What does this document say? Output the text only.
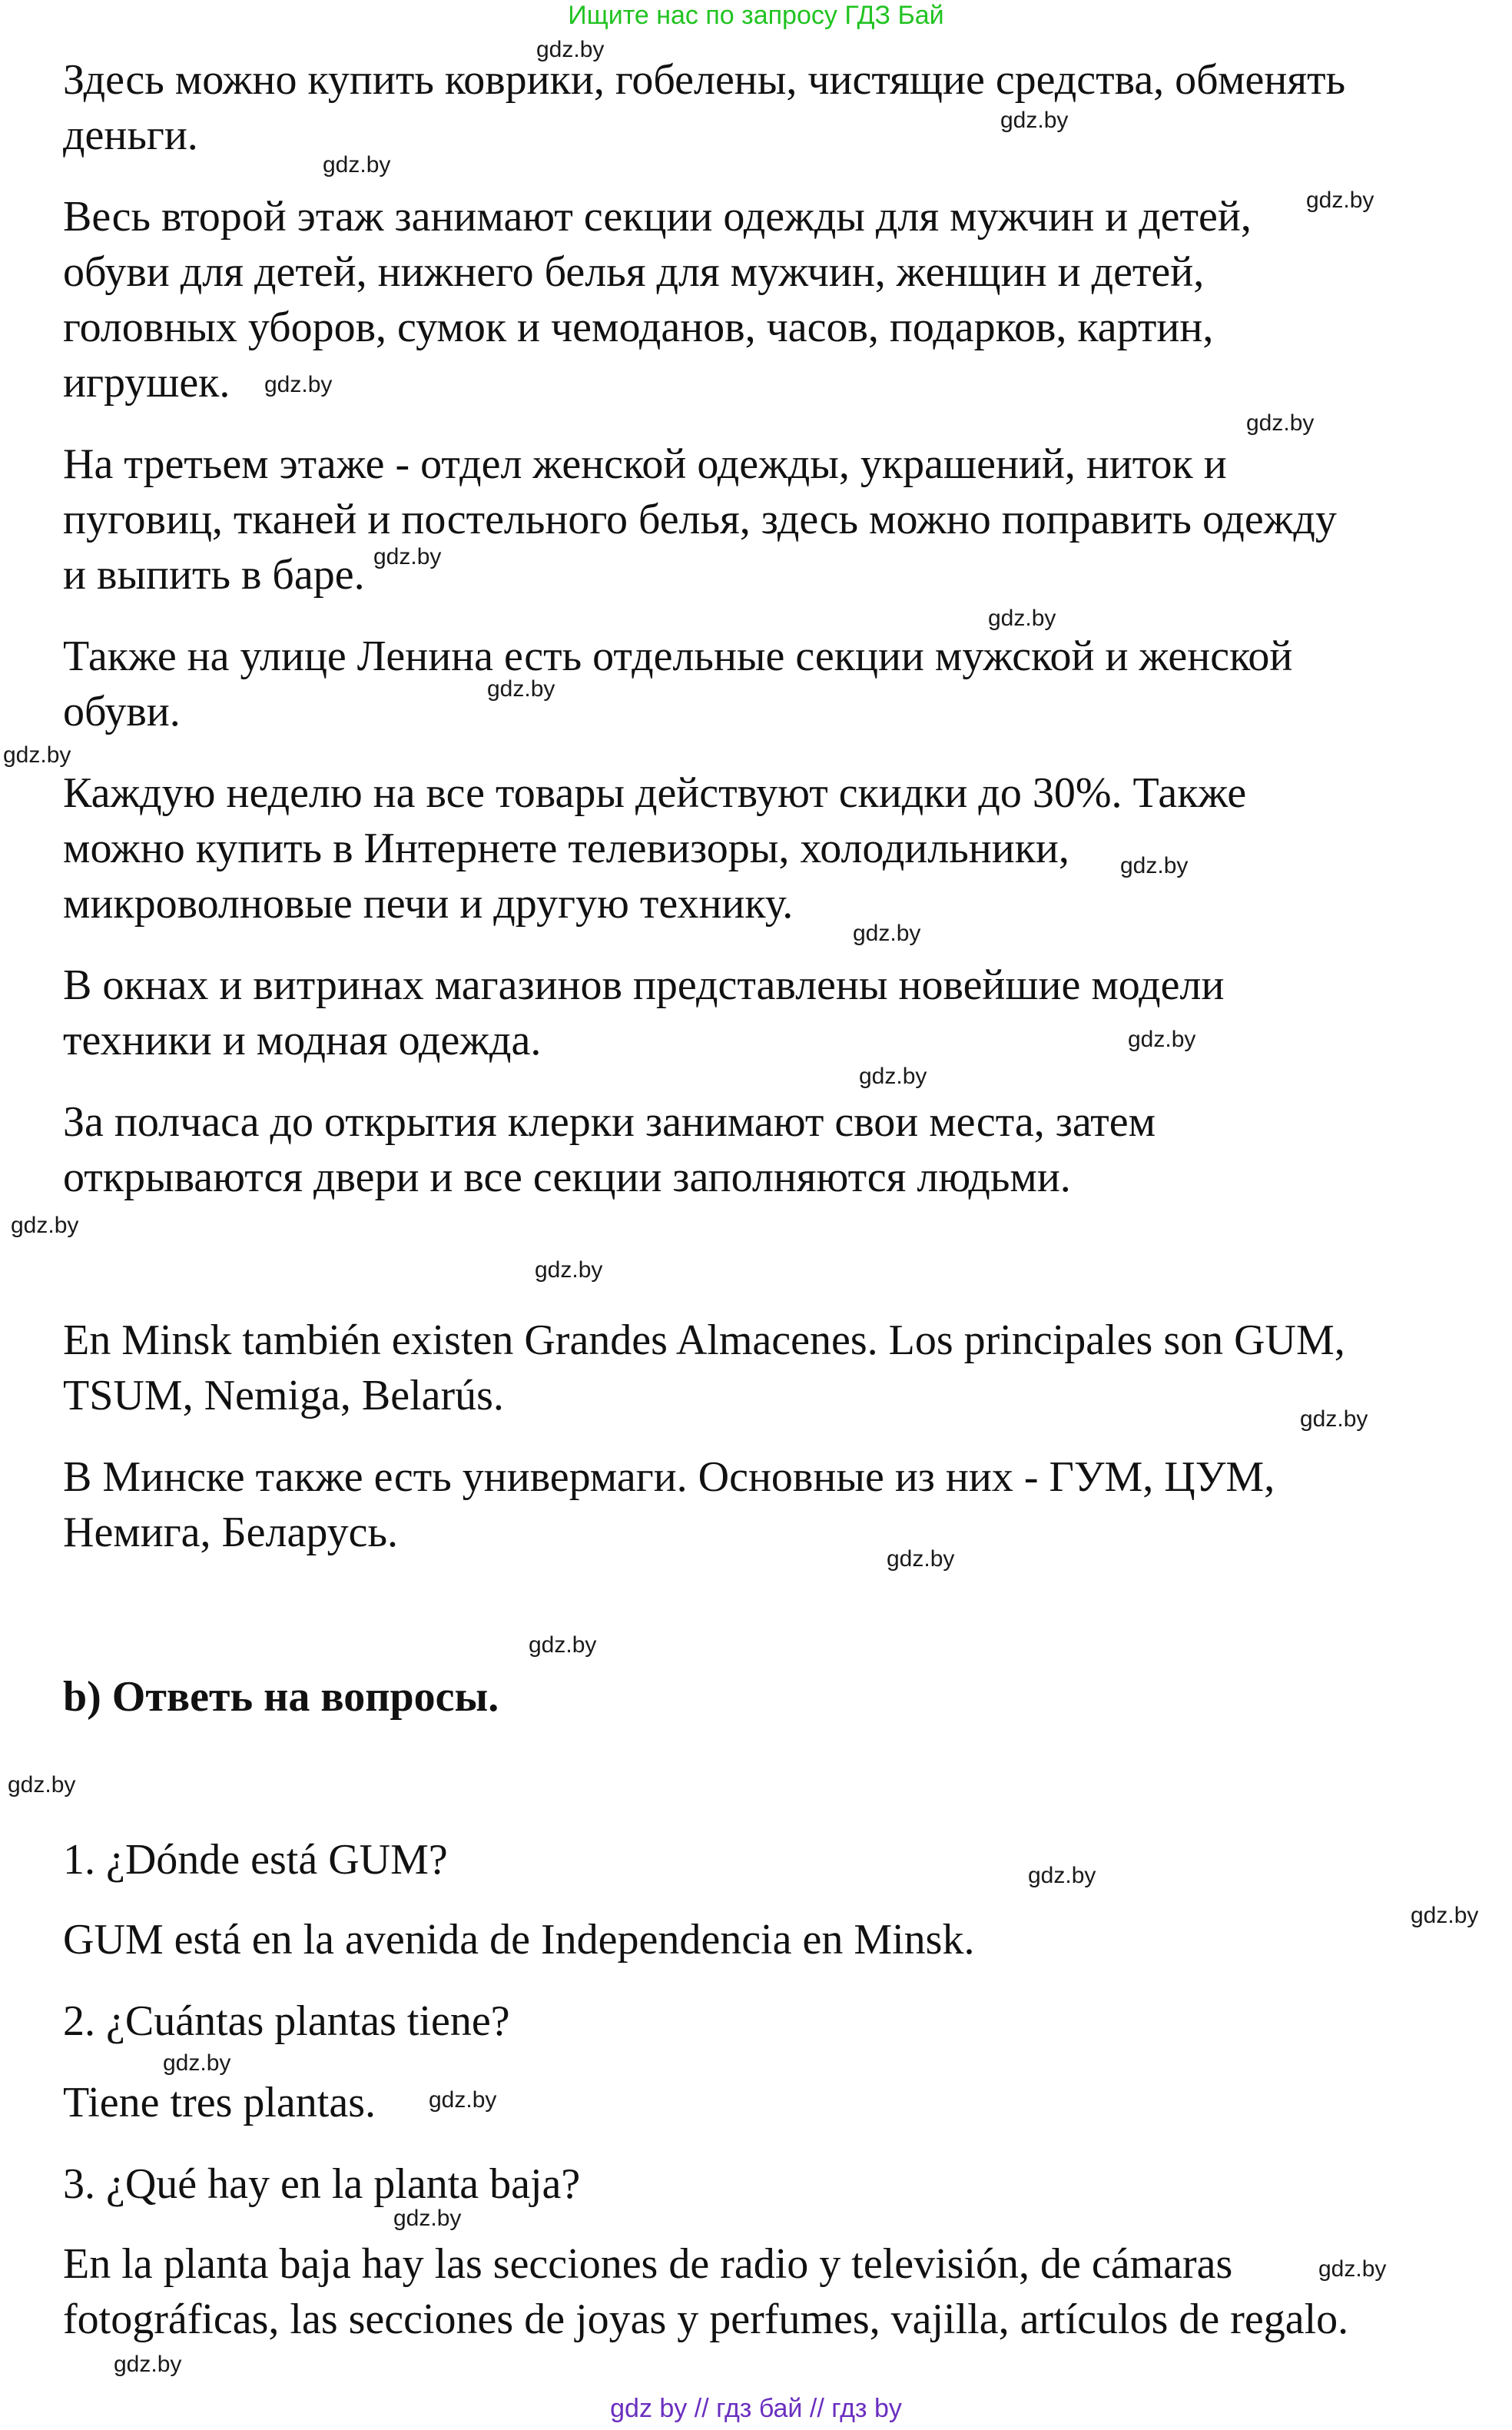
Ищите нас по запросу ГДЗ Бай
Здесь можно купить коврики, гобелены, чистящие средства, обменять
деньги.
Весь второй этаж занимают секции одежды для мужчин и детей,
обуви для детей, нижнего белья для мужчин, женщин и детей,
головных уборов, сумок и чемоданов, часов, подарков, картин,
игрушек.
На третьем этаже - отдел женской одежды, украшений, ниток и
пуговиц, тканей и постельного белья, здесь можно поправить одежду
и выпить в баре.
Также на улице Ленина есть отдельные секции мужской и женской
обуви.
Каждую неделю на все товары действуют скидки до 30%. Также
можно купить в Интернете телевизоры, холодильники,
микроволновые печи и другую технику.
В окнах и витринах магазинов представлены новейшие модели
техники и модная одежда.
За полчаса до открытия клерки занимают свои места, затем
открываются двери и все секции заполняются людьми.
En Minsk también existen Grandes Almacenes. Los principales son GUM,
TSUM, Nemiga, Belarús.
В Минске также есть универмаги. Основные из них - ГУМ, ЦУМ,
Немига, Беларусь.
b) Ответь на вопросы.
1. ¿Dónde está GUM?
GUM está en la avenida de Independencia en Minsk.
2. ¿Cuántas plantas tiene?
Tiene tres plantas.
3. ¿Qué hay en la planta baja?
En la planta baja hay las secciones de radio y televisión, de cámaras
fotográficas, las secciones de joyas y perfumes, vajilla, artículos de regalo.
gdz.by
gdz.by
gdz.by
gdz.by
gdz.by
gdz.by
gdz.by
gdz.by
gdz.by
gdz.by
gdz.by
gdz.by
gdz.by
gdz.by
gdz.by
gdz.by
gdz.by
gdz.by
gdz.by
gdz.by
gdz.by
gdz.by
gdz.by
gdz.by
gdz.by
gdz.by
gdz.by
gdz by // гдз бай // гдз by
